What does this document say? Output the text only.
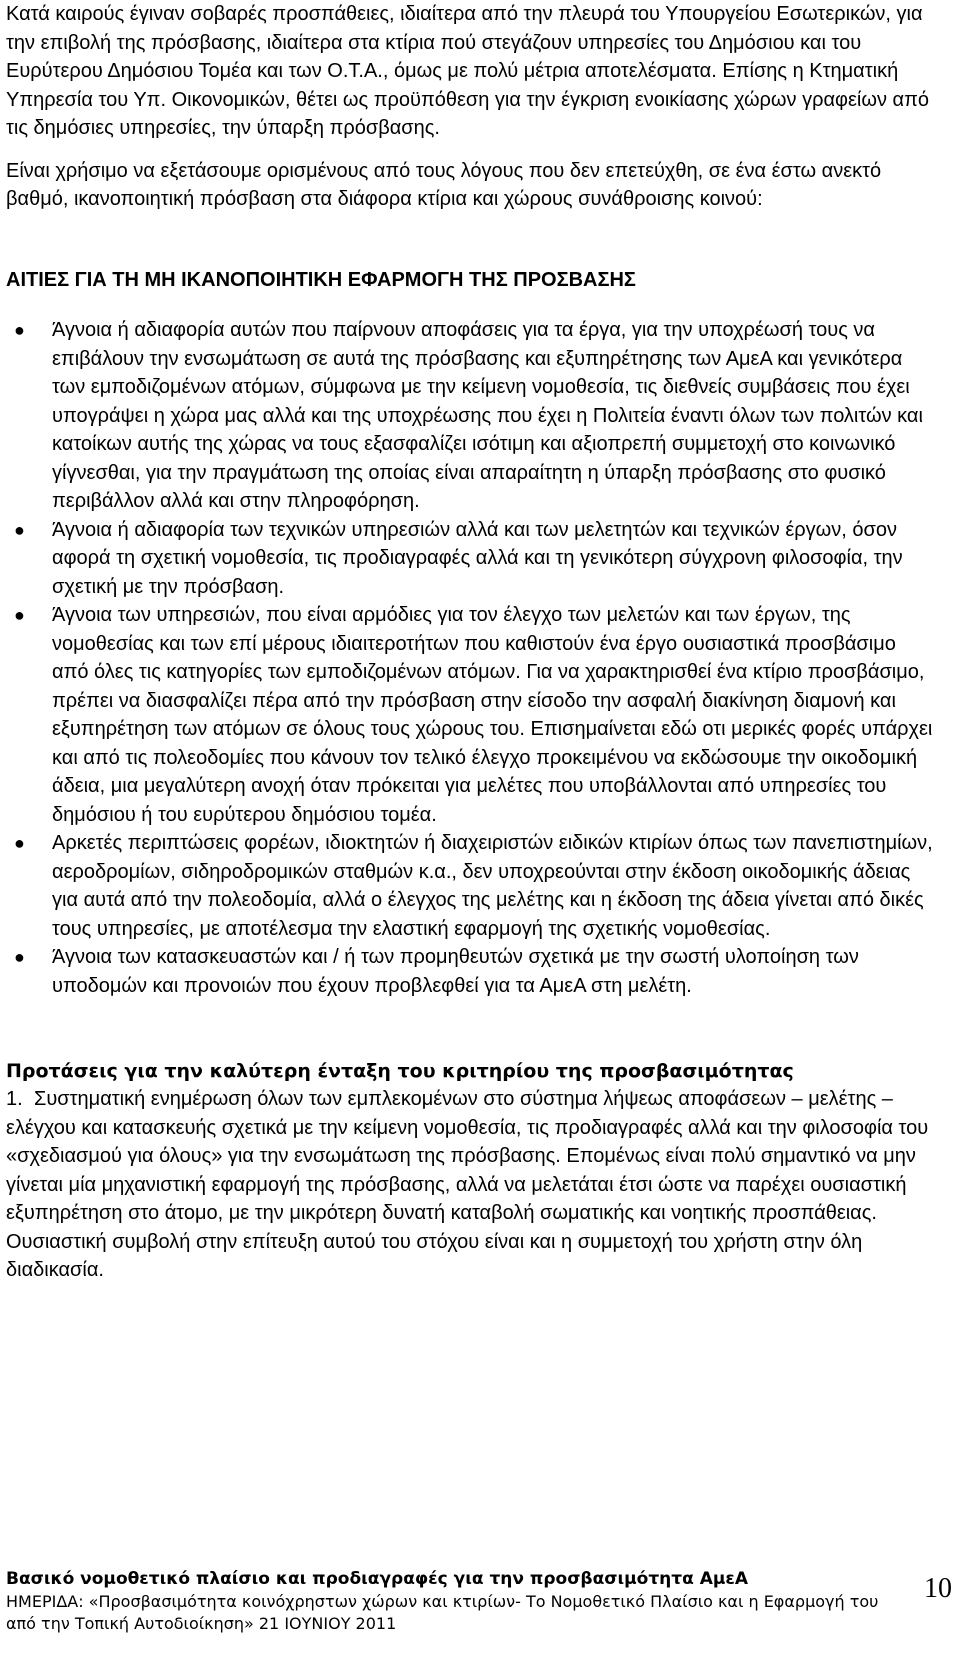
Κατά καιρούς έγιναν σοβαρές προσπάθειες, ιδιαίτερα από την πλευρά του Υπουργείου Εσωτερικών, για την επιβολή της πρόσβασης, ιδιαίτερα στα κτίρια πού στεγάζουν υπηρεσίες του Δημόσιου και του Ευρύτερου Δημόσιου Τομέα και των Ο.Τ.Α., όμως με πολύ μέτρια αποτελέσματα. Επίσης η Κτηματική Υπηρεσία του Υπ. Οικονομικών, θέτει ως προϋπόθεση για την έγκριση ενοικίασης χώρων γραφείων από τις δημόσιες υπηρεσίες, την ύπαρξη πρόσβασης.

Είναι χρήσιμο να εξετάσουμε ορισμένους από τους λόγους που δεν επετεύχθη, σε ένα έστω ανεκτό βαθμό, ικανοποιητική πρόσβαση στα διάφορα κτίρια και χώρους συνάθροισης κοινού:

ΑΙΤΙΕΣ ΓΙΑ ΤΗ ΜΗ ΙΚΑΝΟΠΟΙΗΤΙΚΗ ΕΦΑΡΜΟΓΗ ΤΗΣ ΠΡΟΣΒΑΣΗΣ

● Άγνοια ή αδιαφορία αυτών που παίρνουν αποφάσεις για τα έργα, για την υποχρέωσή τους να επιβάλουν την ενσωμάτωση σε αυτά της πρόσβασης και εξυπηρέτησης των ΑμεΑ και γενικότερα των εμποδιζομένων ατόμων, σύμφωνα με την κείμενη νομοθεσία, τις διεθνείς συμβάσεις που έχει υπογράψει η χώρα μας αλλά και της υποχρέωσης που έχει η Πολιτεία έναντι όλων των πολιτών και κατοίκων αυτής της χώρας να τους εξασφαλίζει ισότιμη και αξιοπρεπή συμμετοχή στο κοινωνικό γίγνεσθαι, για την πραγμάτωση της οποίας είναι απαραίτητη η ύπαρξη πρόσβασης στο φυσικό περιβάλλον αλλά και στην πληροφόρηση.
● Άγνοια ή αδιαφορία των τεχνικών υπηρεσιών αλλά και των μελετητών και τεχνικών έργων, όσον αφορά τη σχετική νομοθεσία, τις προδιαγραφές αλλά και τη γενικότερη σύγχρονη φιλοσοφία, την σχετική με την πρόσβαση.
● Άγνοια των υπηρεσιών, που είναι αρμόδιες για τον έλεγχο των μελετών και των έργων, της νομοθεσίας και των επί μέρους ιδιαιτεροτήτων που καθιστούν ένα έργο ουσιαστικά προσβάσιμο από όλες τις κατηγορίες των εμποδιζομένων ατόμων. Για να χαρακτηρισθεί ένα κτίριο προσβάσιμο, πρέπει να διασφαλίζει πέρα από την πρόσβαση στην είσοδο την ασφαλή διακίνηση διαμονή και εξυπηρέτηση των ατόμων σε όλους τους χώρους του. Επισημαίνεται εδώ οτι μερικές φορές υπάρχει και από τις πολεοδομίες που κάνουν τον τελικό έλεγχο προκειμένου να εκδώσουμε την οικοδομική άδεια, μια μεγαλύτερη ανοχή όταν πρόκειται για μελέτες που υποβάλλονται από υπηρεσίες του δημόσιου ή του ευρύτερου δημόσιου τομέα.
● Αρκετές περιπτώσεις φορέων, ιδιοκτητών ή διαχειριστών ειδικών κτιρίων όπως των πανεπιστημίων, αεροδρομίων, σιδηροδρομικών σταθμών κ.α., δεν υποχρεούνται στην έκδοση οικοδομικής άδειας για αυτά από την πολεοδομία, αλλά ο έλεγχος της μελέτης και η έκδοση της άδεια γίνεται από δικές τους υπηρεσίες, με αποτέλεσμα την ελαστική εφαρμογή της σχετικής νομοθεσίας.
● Άγνοια των κατασκευαστών και / ή των προμηθευτών σχετικά με την σωστή υλοποίηση των υποδομών και προνοιών που έχουν προβλεφθεί για τα ΑμεΑ στη μελέτη.

Προτάσεις για την καλύτερη ένταξη του κριτηρίου της προσβασιμότητας

1. Συστηματική ενημέρωση όλων των εμπλεκομένων στο σύστημα λήψεως αποφάσεων – μελέτης – ελέγχου και κατασκευής σχετικά με την κείμενη νομοθεσία, τις προδιαγραφές αλλά και την φιλοσοφία του «σχεδιασμού για όλους» για την ενσωμάτωση της πρόσβασης. Επομένως είναι πολύ σημαντικό να μην γίνεται μία μηχανιστική εφαρμογή της πρόσβασης, αλλά να μελετάται έτσι ώστε να παρέχει ουσιαστική εξυπηρέτηση στο άτομο, με την μικρότερη δυνατή καταβολή σωματικής και νοητικής προσπάθειας. Ουσιαστική συμβολή στην επίτευξη αυτού του στόχου είναι και η συμμετοχή του χρήστη στην όλη διαδικασία.

Βασικό νομοθετικό πλαίσιο και προδιαγραφές για την προσβασιμότητα ΑμεΑ
ΗΜΕΡΙΔΑ: «Προσβασιμότητα κοινόχρηστων χώρων και κτιρίων- Το Νομοθετικό Πλαίσιο και η Εφαρμογή του
από την Τοπική Αυτοδιοίκηση» 21 ΙΟΥΝΙΟΥ 2011
10
